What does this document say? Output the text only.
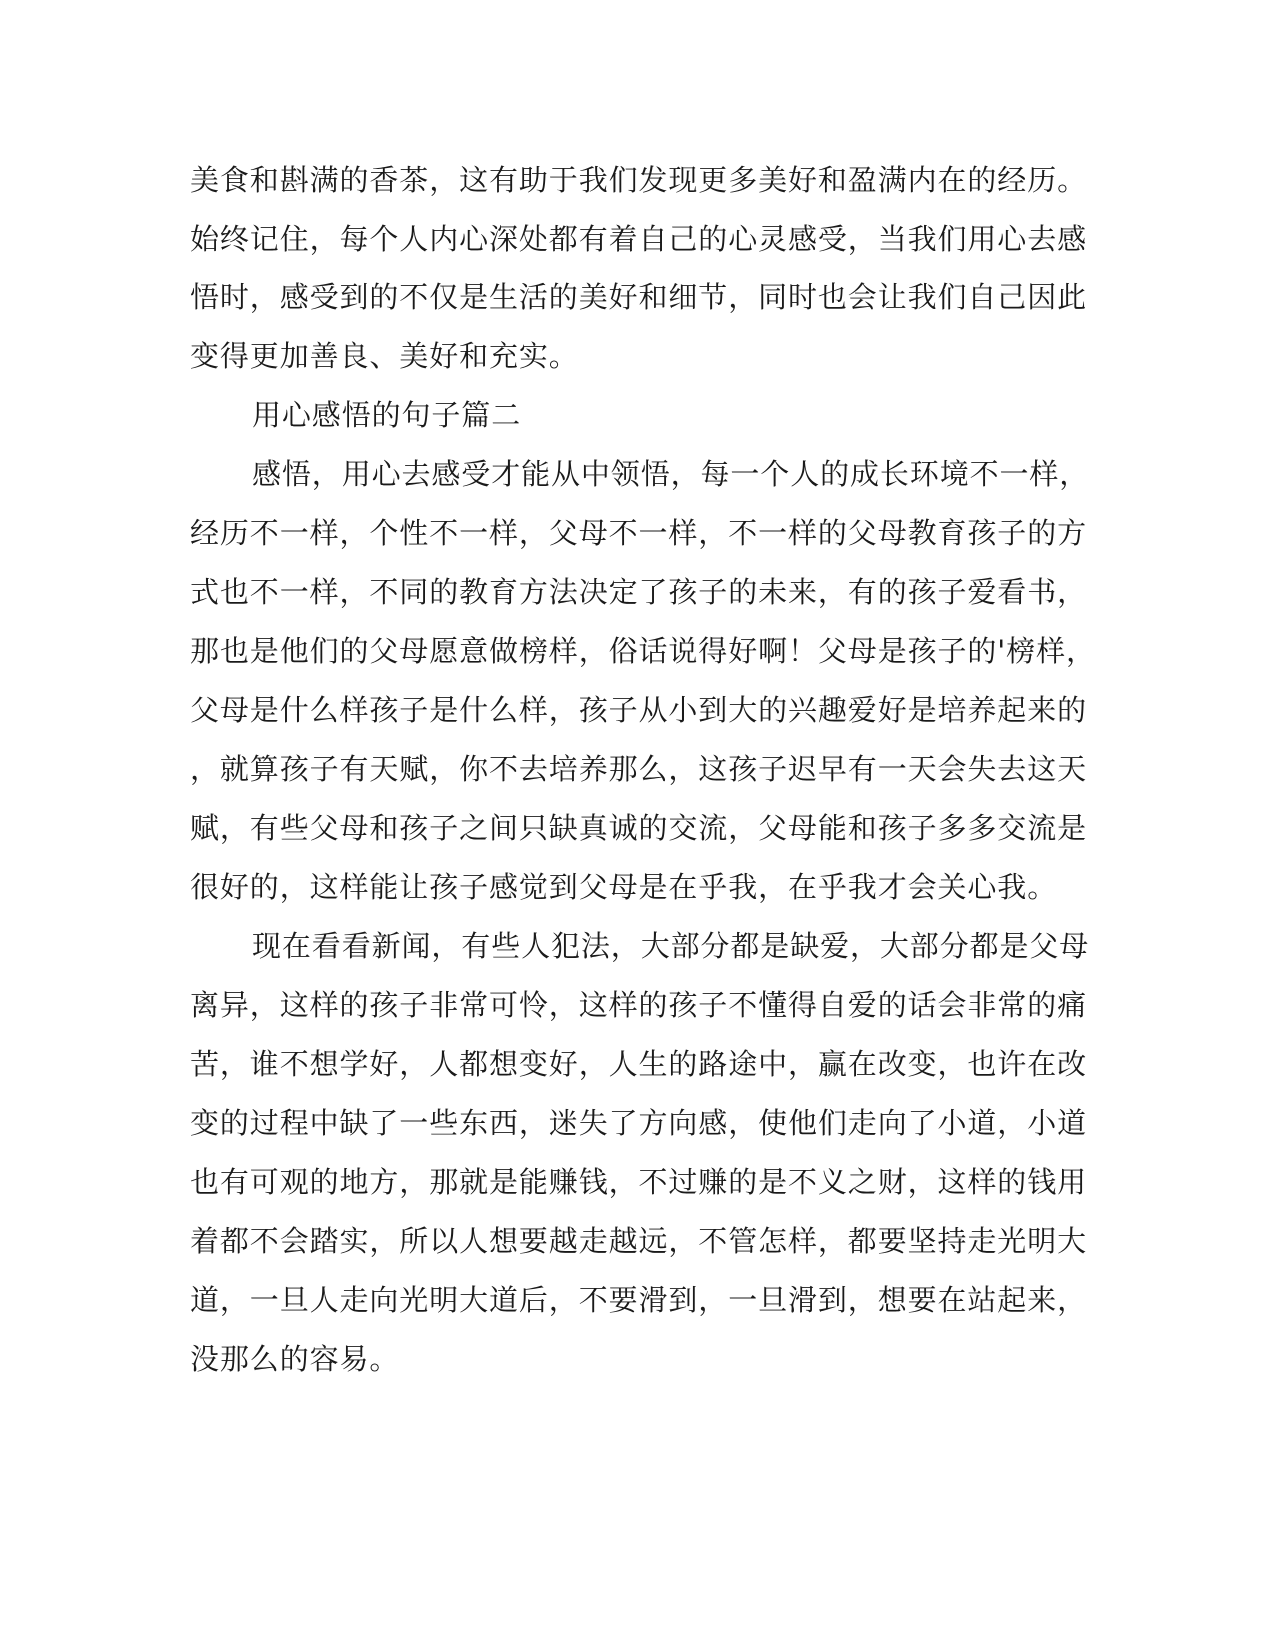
美食和斟满的香茶，这有助于我们发现更多美好和盈满内在的经历。
始终记住，每个人内心深处都有着自己的心灵感受，当我们用心去感
悟时，感受到的不仅是生活的美好和细节，同时也会让我们自己因此
变得更加善良、美好和充实。
用心感悟的句子篇二
感悟，用心去感受才能从中领悟，每一个人的成长环境不一样，
经历不一样，个性不一样，父母不一样，不一样的父母教育孩子的方
式也不一样，不同的教育方法决定了孩子的未来，有的孩子爱看书，
那也是他们的父母愿意做榜样，俗话说得好啊！父母是孩子的'榜样，
父母是什么样孩子是什么样，孩子从小到大的兴趣爱好是培养起来的
，就算孩子有天赋，你不去培养那么，这孩子迟早有一天会失去这天
赋，有些父母和孩子之间只缺真诚的交流，父母能和孩子多多交流是
很好的，这样能让孩子感觉到父母是在乎我，在乎我才会关心我。
现在看看新闻，有些人犯法，大部分都是缺爱，大部分都是父母
离异，这样的孩子非常可怜，这样的孩子不懂得自爱的话会非常的痛
苦，谁不想学好，人都想变好，人生的路途中，赢在改变，也许在改
变的过程中缺了一些东西，迷失了方向感，使他们走向了小道，小道
也有可观的地方，那就是能赚钱，不过赚的是不义之财，这样的钱用
着都不会踏实，所以人想要越走越远，不管怎样，都要坚持走光明大
道，一旦人走向光明大道后，不要滑到，一旦滑到，想要在站起来，
没那么的容易。
